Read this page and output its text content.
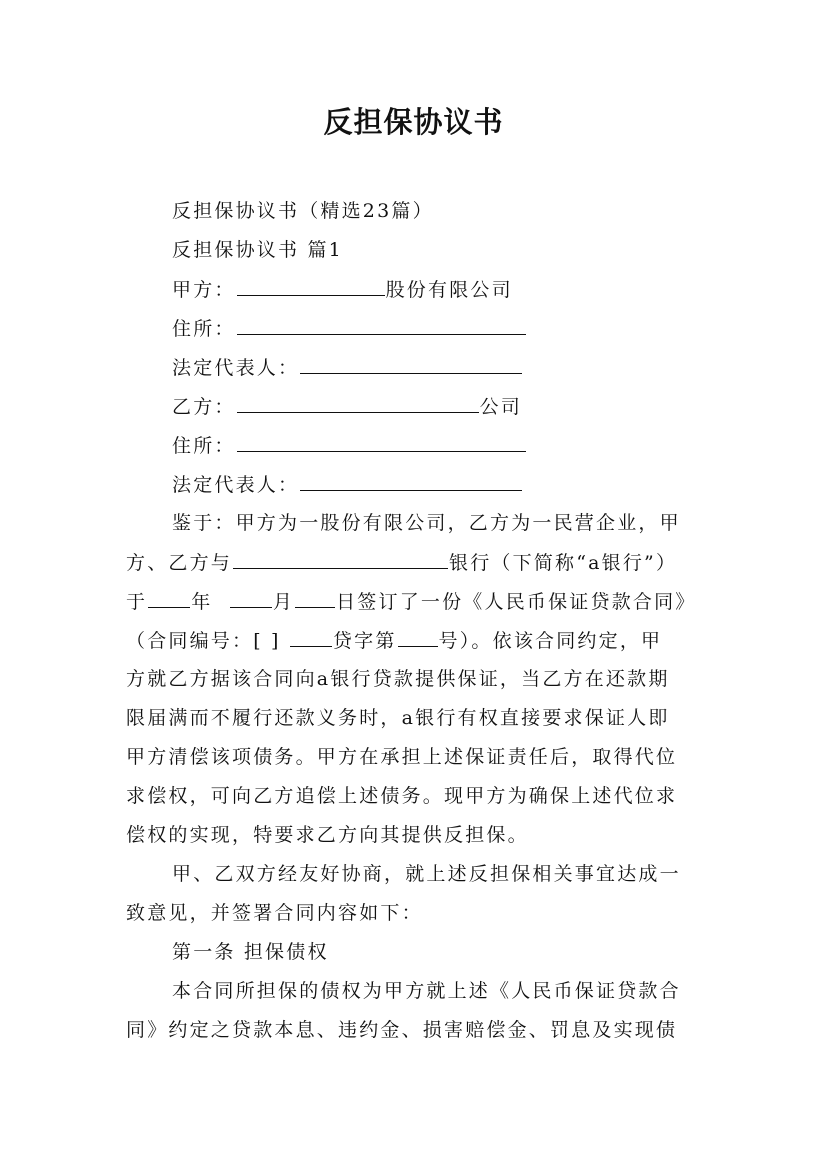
反担保协议书
反担保协议书（精选23篇）
反担保协议书 篇1
甲方：	股份有限公司
住所：
法定代表人：
乙方：	公司
住所：
法定代表人：
鉴于：甲方为一股份有限公司，乙方为一民营企业，甲
方、乙方与	银行（下简称“a银行”）
于 年	月 日签订了一份《人民币保证贷款合同》
（合同编号：[ ]	贷字第 号）。依该合同约定，甲
方就乙方据该合同向a银行贷款提供保证，当乙方在还款期
限届满而不履行还款义务时，a银行有权直接要求保证人即
甲方清偿该项债务。甲方在承担上述保证责任后，取得代位
求偿权，可向乙方追偿上述债务。现甲方为确保上述代位求
偿权的实现，特要求乙方向其提供反担保。
甲、乙双方经友好协商，就上述反担保相关事宜达成一
致意见，并签署合同内容如下：
第一条 担保债权
本合同所担保的债权为甲方就上述《人民币保证贷款合
同》约定之贷款本息、违约金、损害赔偿金、罚息及实现债
